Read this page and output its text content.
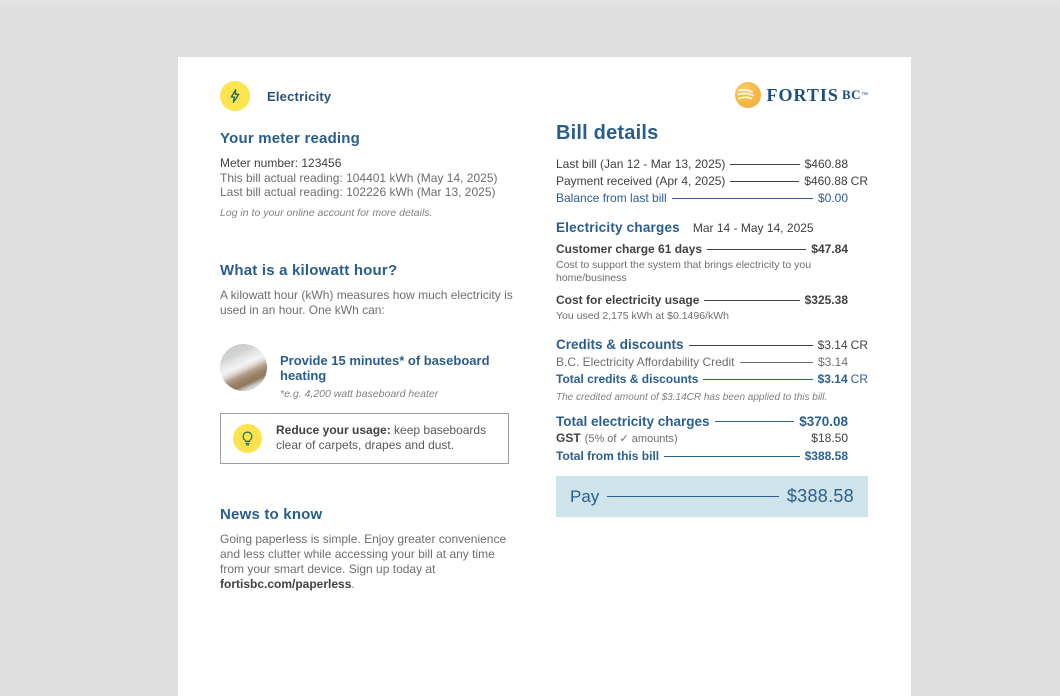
Electricity
Your meter reading
Meter number: 123456
This bill actual reading: 104401 kWh (May 14, 2025)
Last bill actual reading: 102226 kWh (Mar 13, 2025)
Log in to your online account for more details.
What is a kilowatt hour?

A kilowatt hour (kWh) measures how much electricity is used in an hour. One kWh can:

Provide 15 minutes* of baseboard heating
*e.g. 4,200 watt baseboard heater
Reduce your usage: keep baseboards clear of carpets, drapes and dust.
News to know

Going paperless is simple. Enjoy greater convenience and less clutter while accessing your bill at any time from your smart device. Sign up today at fortisbc.com/paperless.

FORTIS BC ™
Bill details
Last bill (Jan 12 - Mar 13, 2025)	$460.88
Payment received (Apr 4, 2025)	$460.88 CR
Balance from last bill	$0.00
Electricity charges Mar 14 - May 14, 2025
Customer charge 61 days	$47.84
Cost to support the system that brings electricity to you home/business
Cost for electricity usage	$325.38
You used 2,175 kWh at $0.1496/kWh
Credits & discounts	$3.14 CR
B.C. Electricity Affordability Credit	$3.14
Total credits & discounts	$3.14 CR
The credited amount of $3.14CR has been applied to this bill.
Total electricity charges	$370.08
GST (5% of ✓ amounts)	$18.50
Total from this bill	$388.58
Pay	$388.58
